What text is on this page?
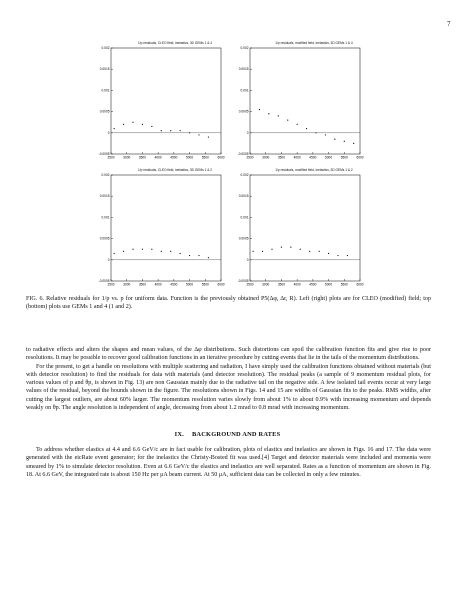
7
1/p residuals, CLEO field, inelastics, 3D GEMs 1 & 4
0.002
0.0015
0.001
0.0005
0
-0.0005
2500	3000	3500	4000	4500	5000	5500	6000
1/p residuals, modified field, inelastics, 3D GEMs 1 & 4
0.002
0.0015
0.001
0.0005
0
-0.0005
2500	3000	3500	4000	4500	5000	5500	6000
1/p residuals, CLEO field, inelastics, 3D GEMs 1 & 2
0.002
0.0015
0.001
0.0005
0
-0.0005
2500	3000	3500	4000	4500	5000	5500	6000
1/p residuals, modified field, inelastics, 3D GEMs 1 & 2
0.002
0.0015
0.001
0.0005
0
-0.0005
2500	3000	3500	4000	4500	5000	5500	6000
FIG. 6. Relative residuals for 1/p vs. p for uniform data. Function is the previously obtained P5(Δφ, Δr, R). Left (right) plots are for CLEO (modified) field; top (bottom) plots use GEMs 1 and 4 (1 and 2).

to radiative effects and alters the shapes and mean values, of the Δφ distributions. Such distortions can spoil the calibration function fits and give rise to poor resolutions. It may be possible to recover good calibration functions in an iterative procedure by cutting events that lie in the tails of the momentum distributions.

For the present, to get a handle on resolutions with multiple scattering and radiation, I have simply used the calibration functions obtained without materials (but with detector resolution) to find the residuals for data with materials (and detector resolution). The residual peaks (a sample of 9 momentum residual plots, for various values of p and θp, is shown in Fig. 13) are non Gaussian mainly due to the radiative tail on the negative side. A few isolated tail events occur at very large values of the residual, beyond the bounds shown in the figure. The resolutions shown in Figs. 14 and 15 are widths of Gaussian fits to the peaks. RMS widths, after cutting the largest outliers, are about 60% larger. The momentum resolution varies slowly from about 1% to about 0.9% with increasing momentum and depends weakly on θp. The angle resolution is independent of angle, decreasing from about 1.2 mrad to 0.8 mrad with increasing momentum.

IX. BACKGROUND AND RATES

To address whether elastics at 4.4 and 6.6 GeV/c are in fact usable for calibration, plots of elastics and inelastics are shown in Figs. 16 and 17. The data were generated with the eicRate event generator; for the inelastics the Christy-Bosted fit was used.[4] Target and detector materials were included and momenta were smeared by 1% to simulate detector resolution. Even at 6.6 GeV/c the elastics and inelastics are well separated. Rates as a function of momentum are shown in Fig. 18. At 6.6 GeV, the integrated rate is about 150 Hz per μA beam current. At 50 μA, sufficient data can be collected in only a few minutes.
